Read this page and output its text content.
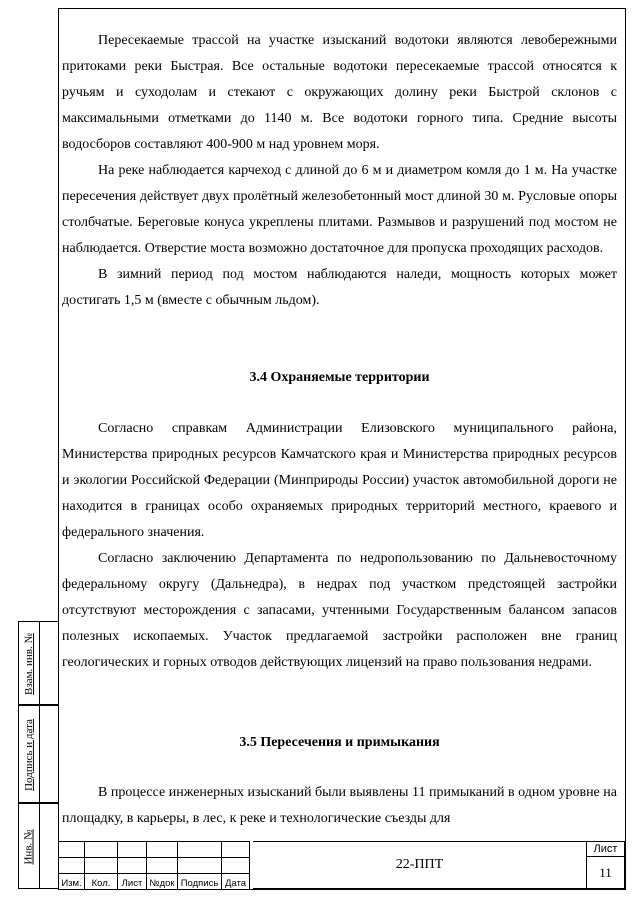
Пересекаемые трассой на участке изысканий водотоки являются левобережными притоками реки Быстрая. Все остальные водотоки пересекаемые трассой относятся к ручьям и суходолам и стекают с окружающих долину реки Быстрой склонов с максимальными отметками до 1140 м. Все водотоки горного типа. Средние высоты водосборов составляют 400-900 м над уровнем моря.

На реке наблюдается карчеход с длиной до 6 м и диаметром комля до 1 м. На участке пересечения действует двух пролётный железобетонный мост длиной 30 м. Русловые опоры столбчатые. Береговые конуса укреплены плитами. Размывов и разрушений под мостом не наблюдается. Отверстие моста возможно достаточное для пропуска проходящих расходов.

В зимний период под мостом наблюдаются наледи, мощность которых может достигать 1,5 м (вместе с обычным льдом).

3.4 Охраняемые территории

Согласно справкам Администрации Елизовского муниципального района, Министерства природных ресурсов Камчатского края и Министерства природных ресурсов и экологии Российской Федерации (Минприроды России) участок автомобильной дороги не находится в границах особо охраняемых природных территорий местного, краевого и федерального значения.

Согласно заключению Департамента по недропользованию по Дальневосточному федеральному округу (Дальнедра), в недрах под участком предстоящей застройки отсутствуют месторождения с запасами, учтенными Государственным балансом запасов полезных ископаемых. Участок предлагаемой застройки расположен вне границ геологических и горных отводов действующих лицензий на право пользования недрами.

3.5 Пересечения и примыкания

В процессе инженерных изысканий были выявлены 11 примыканий в одном уровне на площадку, в карьеры, в лес, к реке и технологические съезды для

Взам. инв. №
Подпись и дата
Инв. №

Изм.	Кол.	Лист	№док	Подпись	Дата
22-ППТ
Лист
11
